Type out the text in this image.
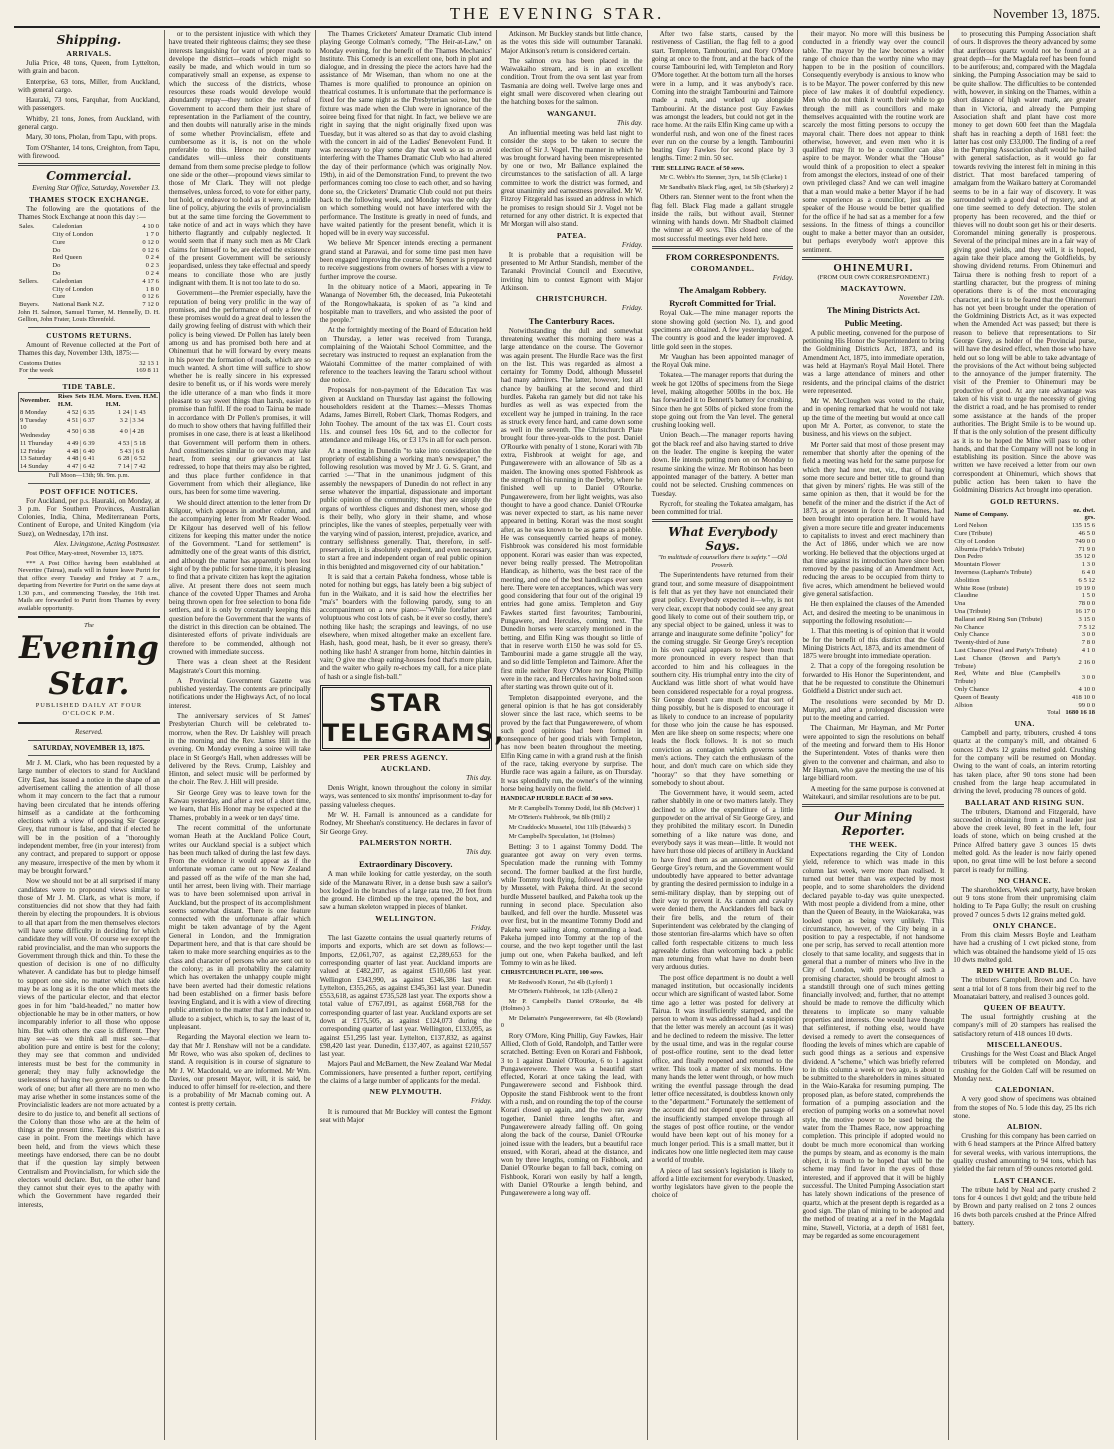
THE EVENING STAR.	November 13, 1875.
Shipping.
ARRIVALS.

Julia Price, 48 tons, Queen, from Lyttelton, with grain and bacon.

Enterprise, 63 tons, Miller, from Auckland, with general cargo.

Hauraki, 73 tons, Farquhar, from Auckland, with passengers.

Whitby, 21 tons, Jones, from Auckland, with general cargo.

Mary, 30 tons, Pholan, from Tapu, with props.

Tom O'Shanter, 14 tons, Creighton, from Tapu, with firewood.

Commercial.

Evening Star Office, Saturday, November 13.

THAMES STOCK EXCHANGE.

The following are the quotations of the Thames Stock Exchange at noon this day :—

Sales.	Caledonian	4 10 0
	City of London	1 7 0
	Cure	0 12 0
	Do	0 12 6
	Red Queen	0 2 4
	Do	0 2 3
	Do	0 2 4
Sellers.	Caledonian	4 17 6
	City of London	1 8 0
	Cure	0 12 6
Buyers.	National Bank N.Z.	7 12 0

John H. Salmon, Samuel Turner, M. Hennelly, D. H. Gellion, John Frater, Louis Ehrenfeld.

CUSTOMS RETURNS.

Amount of Revenue collected at the Port of Thames this day, November 13th, 1875:—

Customs Duties	32 13 1
For the week	169 8 11
TIDE TABLE.
November.	Rises Sets H.M. H.M.	Morn. Even. H.M. H.M.
8 Monday	4 52 | 6 35	1 24 | 1 43
9 Tuesday	4 51 | 6 37	3 2 | 3 34
10 Wednesday	4 50 | 6 38	4 0 | 4 28
11 Thursday	4 49 | 6 39	4 53 | 5 18
12 Friday	4 48 | 6 40	5 43 | 6 8
13 Saturday	4 48 | 6 41	6 28 | 6 52
14 Sunday	4 47 | 6 42	7 14 | 7 42

Full Moon—13th; 9h. 9m. p.m.

POST OFFICE NOTICES.

For Auckland, per p.s. Hauraki, on Monday, at 3 p.m. For Southern Provinces, Australian Colonies, India, China, Mediterranean Ports, Continent of Europe, and United Kingdom (via Suez), on Wednesday, 17th inst.

Alex. Livingstone, Acting Postmaster.

Post Office, Mary-street, November 13, 1875.

*** A Post Office having been established at Nevertire (Tairua), mails will in future leave Puriri for that office every Tuesday and Friday at 7 a.m., departing from Nevertire for Puriri on the same days at 1.30 p.m., and commencing Tuesday, the 16th inst. Mails are forwarded to Puriri from Thames by every available opportunity.

The
Evening Star.
PUBLISHED DAILY AT FOUR O'CLOCK P.M.

Reserved.

SATURDAY, NOVEMBER 13, 1875.

Mr J. M. Clark, who has been requested by a large number of electors to stand for Auckland City East, has issued a notice in the shape of an advertisement calling the attention of all those whom it may concern to the fact that a rumour having been circulated that he intends offering himself as a candidate at the forthcoming elections with a view of opposing Sir George Grey, that rumour is false, and that if elected he will be in the position of a "thoroughly independent member, free (in your interest) from any contract, and prepared to support or oppose any measure, irrespective of the men by whom it may be brought forward."

Now we should not be at all surprised if many candidates were to propound views similar to those of Mr J. M. Clark, as what is more, if constituencies did not show that they had faith therein by electing the propounders. It is obvious to all that apart from the men themselves electors will have some difficulty in deciding for which candidate they will vote. Of course we except the rabid provincialist, and the man who supports the Government through thick and thin. To these the question of decision is one of no difficulty whatever. A candidate has but to pledge himself to support one side, no matter which that side may be as long as it is the one which meets the views of the particular elector, and that elector goes in for him "bald-headed," no matter how objectionable he may be in other matters, or how incomparably inferior to all those who oppose him. But with others the case is different. They may see—as we think all must see—that abolition pure and entire is best for the colony; they may see that common and undivided interests must be best for the community in general; they may fully acknowledge the uselessness of having two governments to do the work of one; but after all there are no men who may arise whether in some instances some of the Provincialistic leaders are not more actuated by a desire to do justice to, and benefit all sections of the Colony than those who are at the helm of things at the present time. Take this district as a case in point. From the meetings which have been held, and from the views which these meetings have endorsed, there can be no doubt that if the question lay simply between Centralism and Provincialism, for which side the electors would declare. But, on the other hand they cannot shut their eyes to the apathy with which the Government have regarded their interests,

or to the persistent injustice with which they have treated their righteous claims; they see these interests languishing for want of proper roads to develope the district—roads which might so easily be made, and which would in turn so comparatively small an expense, as expense to which the success of the districts, whose resources these roads would develope would abundantly repay—they notice the refusal of Government to accord them their just share of representation in the Parliament of the country, and then doubts will naturally arise in the minds of some whether Provincialism, effete and cumbersome as it is, is not on the whole preferable to this. Hence no doubt many candidates will—unless their constituents demand from them some precise pledge to follow one side or the other—propound views similar to those of Mr Clark. They will not pledge themselves, unless forced, to vote for either party, but hold, or endeavor to hold as it were, a middle line of policy, abjuring the evils of provincialism but at the same time forcing the Government to take notice of and act in ways which they have hitherto flagrantly and culpably neglected. It would seem that if many such men as Mr Clark claims for himself to be, are elected the existence of the present Government will be seriously jeopardised, unless they take effectual and speedy means to conciliate those who are justly indignant with them. It is not too late to do so.

Government—the Premier especially, have the reputation of being very prolific in the way of promises, and the performance of only a few of these promises would do a great deal to lessen the daily growing feeling of distrust with which their policy is being viewed. Dr Pollen has lately been among us and has promised both here and at Ohinemuri that he will forward by every means in his power the formation of roads, which are so much wanted. A short time will suffice to show whether he is really sincere in his expressed desire to benefit us, or if his words were merely the idle utterance of a man who finds it more pleasant to say sweet things than harsh, easier to promise than fulfil. If the road to Tairua be made in accordance with Dr Pollen's promises, it will do much to show others that having fulfilled their promises in one case, there is at least a likelihood that Government will perform them in others. And constituencies similar to our own may take heart, from seeing our grievances at last redressed, to hope that theirs may also be righted, and thus place further confidence in that Government from which their allegiance, like ours, has been for some time wavering.

We should direct attention to the letter from Dr Kilgour, which appears in another column, and the accompanying letter from Mr Reader Wood. Dr Kilgour has deserved well of his fellow citizens for keeping this matter under the notice of the Government. "Land for settlement" is admittedly one of the great wants of this district, and although the matter has apparently been lost sight of by the public for some time, it is pleasing to find that a private citizen has kept the agitation alive. At present there does not seem much chance of the coveted Upper Thames and Aroha being thrown open for free selection to bona fide settlers, and it is only by constantly keeping this question before the Government that the wants of the district in this direction can be obtained. The disinterested efforts of private individuals are therefore to be commended, although not crowned with immediate success.

There was a clean sheet at the Resident Magistrate's Court this morning.

A Provincial Government Gazette was published yesterday. The contents are principally notifications under the Highways Act, of no local interest.

The anniversary services of St James' Presbyterian Church will be celebrated to-morrow, when the Rev. Dr Laishley will preach in the morning and the Rev. James Hill in the evening. On Monday evening a soiree will take place in St George's Hall, when addresses will be delivered by the Revs. Crump, Laishley and Hinton, and select music will be performed by the choir. The Rev. J. Hill will preside.

Sir George Grey was to leave town for the Kawau yesterday, and after a rest of a short time, we learn, that His Honor may be expected at the Thames, probably in a week or ten days' time.

The recent committal of the unfortunate woman Heath at the Auckland Police Court, writes our Auckland special is a subject which has been much talked of during the last few days. From the evidence it would appear as if the unfortunate woman came out to New Zealand and passed off as the wife of the man she had, until her arrest, been living with. Their marriage was to have been solemnised upon arrival in Auckland, but the prospect of its accomplishment seems somewhat distant. There is one feature connected with the unfortunate affair which might be taken advantage of by the Agent General in London, and the Immigration Department here, and that is that care should be taken to make more searching enquiries as to the class and character of persons who are sent out to the colony; as in all probability the calamity which has overtaken the unhappy couple might have been averted had their domestic relations had been established on a firmer basis before leaving England, and it is with a view of directing public attention to the matter that I am induced to allude to a subject, which is, to say the least of it, unpleasant.

Regarding the Mayoral election we learn to-day that Mr J. Renshaw will not be a candidate. Mr Rowe, who was also spoken of, declines to stand. A requisition is in course of signature to Mr J. W. Macdonald, we are informed. Mr Wm. Davies, our present Mayor, will, it is said, be induced to offer himself for re-election, and there is a probability of Mr Macnab coming out. A contest is pretty certain.

The Thames Cricketers' Amateur Dramatic Club intend playing George Colman's comedy, "The Heir-at-Law," on Monday evening, for the benefit of the Thames Mechanics' Institute. This Comedy is an excellent one, both in plot and dialogue, and in dressing the piece the actors have had the assistance of Mr Wiseman, than whom no one at the Thames is more qualified to pronounce an opinion on theatrical costumes. It is unfortunate that the performance is fixed for the same night as the Presbyterian soiree, but the fixture was made when the Club were in ignorance of the soiree being fixed for that night. In fact, we believe we are right in saying that the night originally fixed upon was Tuesday, but it was altered so as that day to avoid clashing with the concert in aid of the Ladies' Benevolent Fund. It was necessary to play some day that week so as to avoid interfering with the Thames Dramatic Club who had altered the day of their performance (which was originally Nov. 19th), in aid of the Demonstration Fund, to prevent the two performances coming too close to each other, and so having done so, the Cricketers' Dramatic Club could not put theirs back to the following week, and Monday was the only day on which something would not have interfered with the performance. The Institute is greatly in need of funds, and have waited patiently for the present benefit, which it is hoped will be in every way successful.

We believe Mr Spencer intends erecting a permanent grand stand at Parawai, and for some time past men have been engaged improving the course. Mr Spencer is prepared to receive suggestions from owners of horses with a view to further improve the course.

In the obituary notice of a Maori, appearing in Te Wananga of November 6th, the deceased, Inia Pukeotetahi of the Rongowhakaata, is spoken of as "a kind and hospitable man to travellers, and who assisted the poor of the people."

At the fortnightly meeting of the Board of Education held on Thursday, a letter was received from Turanga, complaining of the Waiotahi School Committee, and the secretary was instructed to request an explanation from the Waiotahi Committee of the matter complained of with reference to the teachers leaving the Tararu school without due notice.

Proposals for non-payment of the Education Tax was given at Auckland on Thursday last against the following householders resident at the Thames:—Messrs Thomas Adams, James Birrell, Robert Clark, Thomas Rodgers, and John Toohey. The amount of the tax was £1. Court costs 11s. and counsel fees 10s 6d, and to the collector for attendance and mileage 16s, or £3 17s in all for each person.

At a meeting in Dunedin "to take into consideration the propriety of establishing a working man's newspaper," the following resolution was moved by Mr J. G. S. Grant, and carried :—"That in the unanimous judgment of this assembly the newspapers of Dunedin do not reflect in any sense whatever the impartial, dispassionate and important public opinion of the community; that they are simply the organs of worthless cliques and dishonest men, whose god is their belly, who glory in their shame, and whose principles, like the vanes of steeples, perpetually veer with the varying wind of passion, interest, prejudice, avarice, and contrary selfishness generally. That, therefore, in self-preservation, it is absolutely expedient, and even necessary, to start a free and independent organ of real public opinion in this benighted and misgoverned city of our habitation."

It is said that a certain Pakeha fondness, whose table is noted for nothing but eggs, has lately been a big subject of fun in the Waikato, and it is said how the electrifies her "ma's" boarders with the following parody, sung to an accompaniment on a new piano:—"While forefather and voluptuous who cost lots of cash, be it ever so costly, there's nothing like hash; the scrapings and leavings, of no use elsewhere, when mixed altogether make an excellent fare. Hash, hash, good meat, hash, be it ever so greasy, there's nothing like hash! A stranger from home, hitchin dainties in vain; O give me cheap eating-houses food that's more plain, and the waiter who gaily re-echoes my call, for a nice plate of hash or a single fish-ball."

STAR TELEGRAMS,
PER PRESS AGENCY.
AUCKLAND.

This day.

Denis Wright, known throughout the colony in similar ways, was sentenced to six months' imprisonment to-day for passing valueless cheques.

Mr W. H. Farnall is announced as a candidate for Rodney, Mr Sheehan's constituency. He declares in favor of Sir George Grey.

PALMERSTON NORTH.

This day.

Extraordinary Discovery.

A man while looking for cattle yesterday, on the south side of the Manawatu River, in a dense bush saw a sailor's box lodged in the branches of a large rata tree, 20 feet from the ground. He climbed up the tree, opened the box, and saw a human skeleton wrapped in pieces of blanket.

WELLINGTON.

Friday.

The last Gazette contains the usual quarterly returns of imports and exports, which are set down as follows:—Imports, £2,061,707, as against £2,289,653 for the corresponding quarter of last year. Auckland imports are valued at £482,207, as against £510,606 last year. Wellington £343,990, as against £346,386 last year. Lyttelton, £355,265, as against £345,361 last year. Dunedin £553,618, as against £735,528 last year. The exports show a total value of £767,091, as against £668,768 for the corresponding quarter of last year. Auckland exports are set down at £175,505, as against £124,073 during the corresponding quarter of last year. Wellington, £133,095, as against £51,295 last year. Lyttelton, £137,832, as against £98,420 last year. Dunedin, £137,407, as against £210,557 last year.

Majors Paul and McBarnett, the New Zealand War Medal Commissioners, have presented a further report, certifying the claims of a large number of applicants for the medal.

NEW PLYMOUTH.

Friday.

It is rumoured that Mr Buckley will contest the Egmont seat with Major

Atkinson. Mr Buckley stands but little chance, as the votes this side will outnumber Taranaki. Major Atkinson's return is considered certain.

The salmon ova has been placed in the Waiwakaiho stream, and is in an excellent condition. Trout from the ova sent last year from Tasmania are doing well. Twelve large ones and eight small were discovered when clearing out the hatching boxes for the salmon.

WANGANUI.

This day.

An influential meeting was held last night to consider the steps to be taken to secure the election of Sir J. Vogel. The manner in which he was brought forward having been misrepresented by one or two, Mr Ballance explained the circumstances to the satisfaction of all. A large committee to work the district was formed, and great unanimity and earnestness prevailed. Mr W. Fitzroy Fitzgerald has issued an address in which he promises to resign should Sir J. Vogel not be returned for any other district. It is expected that Mr Morgan will also stand.

PATEA.

Friday.

It is probable that a requisition will be presented to Mr Arthur Standish, member of the Taranaki Provincial Council and Executive, inviting him to contest Egmont with Major Atkinson.

CHRISTCHURCH.

Friday.

The Canterbury Races.

Notwithstanding the dull and somewhat threatening weather this morning there was a large attendance on the course. The Governor was again present. The Hurdle Race was the first on the list. This was regarded as almost a certainty for Tommy Dodd, although Mussetel had many admirers. The latter, however, lost all chance by baulking at the second and third hurdles. Pakeha ran gamely but did not take his hurdles as well as was expected from the excellent way he jumped in training. In the race as struck every fence hard, and came down some as well in the seventh. The Christchurch Plate brought four three-year-olds to the post. Daniel O'Rourke with penalty of 1 stone, Korari with 7lb extra, Fishbrook at weight for age, and Pungawerewere with an allowance of 5lb as a maiden. The knowing ones spotted Fishbrook as the strength of his running in the Derby, where he finished well up to Daniel O'Rourke. Pungawerewere, from her light weights, was also thought to have a good chance. Daniel O'Rourke was never expected to start, as his name never appeared in betting. Korari was the most sought after, as he was known to be as game as a pebble. He was consequently carried heaps of money. Fishbrook was considered his most formidable opponent. Korari was easier than was expected, never being really pressed. The Metropolitan Handicap, as hitherto, was the best race of the meeting, and one of the best handicaps ever seen here. There were ten acceptances, which was very good considering that four out of the original 19 entries had gone amiss. Templeton and Guy Fawkes started first favourites; Tambourini, Pungawere, and Hercules, coming next. The Dunedin horses were scarcely mentioned in the betting, and Elfin King was thought so little of that in reserve worth £150 he was sold for £5. Tambourini made a game struggle all the way, and so did little Templeton and Taimore. After the first mile neither Rory O'More nor King Phillip were in the race, and Hercules having bolted soon after starting was thrown quite out of it.

Templeton disappointed everyone, and the general opinion is that he has got considerably slower since the last race, which seems to be proved by the fact that Pungawerewere, of whom such good opinions had been formed in consequence of her good trials with Templeton, has now been beaten throughout the meeting. Elfin King came in with a grand rush at the finish of the race, taking everyone by surprise. The Hurdle race was again a failure, as on Thursday. It was splendidly run, the owner's of the winning horse being heavily on the field.

HANDICAP HURDLE RACE of 30 sovs.

Mr P. Campbell's Tommy Dodd, list 8lb (McIver) 1

Mr O'Brien's Fishbrook, 9st 8lb (Hill) 2

Mr Craddock's Mussetel, 10st 11lb (Edwards) 3

Mr Campbell's Speculation, 1st (Holmes)

Betting: 3 to 1 against Tommy Dodd. The guarantee got away on very even terms. Speculation made the running with Tommy second. The former baulked at the first hurdle, while Tommy took flying, followed in good style by Mussetel, with Pakeha third. At the second hurdle Mussetel baulked, and Pakeha took up the running in second place. Speculation also baulked, and fell over the hurdle. Mussetel was over first, but in the meantime Tommy Dodd and Pakeha were sailing along, commanding a lead. Pakeha jumped into Tommy at the top of the course, and the two kept together until the last jump out one, when Pakeha baulked, and left Tommy to win as he liked.

CHRISTCHURCH PLATE, 100 sovs.

Mr Redwood's Korari, 7st 4lb (Lyford) 1

Mr O'Brien's Fishbrook, 1st 12lb (Allen) 2

Mr P. Campbell's Daniel O'Rourke, 8st 4lb (Holmes) 3

Mr Delamain's Pungawerewere, 6st 4lb (Rowland) 0

Rory O'More, King Phillip, Guy Fawkes, Hair Allied, Cloth of Gold, Randolph, and Tattler were scratched. Betting: Even on Korari and Fishbook, 3 to 1 against Daniel O'Rourke, 6 to 1 against Pungawerewere. There was a beautiful start effected, Korari at once taking the lead, with Pungawerewere second and Fishbook third. Opposite the stand Fishbrook went to the front with a rush, and on rounding the top of the course Korari closed up again, and the two ran away together, Daniel three lengths after, and Pungawerewere already falling off. On going along the back of the course, Daniel O'Rourke joined issue with the leaders, but a beautiful race ensued, with Korari, ahead at the distance, and won by three lengths, coming on Fishbook, and Daniel O'Rourke began to fall back, coming on Fishbook, Korari won easily by half a length, with Daniel O'Rourke a length behind, and Pungawerewere a long way off.

After two false starts, caused by the restiveness of Castilian, the flag fell to a good start. Templeton, Tambourini, and Rory O'More going at once to the front, and at the back of the course Tambourini led, with Templeton and Rory O'More together. At the bottom turn all the horses were in a lump, and it was anybody's race. Coming into the straight Tambourini and Taimore made a rush, and worked up alongside Tambourini. At the distance post Guy Fawkes was amongst the leaders, but could not get in the race home. At the rails Elfin King came up with a wonderful rush, and won one of the finest races ever run on the course by a length. Tambourini beating Guy Fawkes for second place by 3 lengths. Time: 2 min. 50 sec.

THE SELLING RACE of 50 sovs.

Mr C. Webb's Ho Stenner, 3yrs, 1st 5lb (Clarke) 1

Mr Sandbath's Black Flag, aged, 1st 5lb (Sharkey) 2

Others ran. Stenner went to the front when the flag fell. Black Flag made a gallant struggle inside the rails, but without avail, Stenner winning with hands down. Mr Shadbolt claimed the winner at 40 sovs. This closed one of the most successful meetings ever held here.

FROM CORRESPONDENTS.
COROMANDEL.

Friday.

The Amalgam Robbery.
Rycroft Committed for Trial.

Royal Oak.—The mine manager reports the stone showing gold (section No. 1), and good specimens are obtained. A few yesterday bagged. The country is good and the leader improved. A little gold seen in the stopes.

Mr Vaughan has been appointed manager of the Royal Oak mine.

Tokatea.—The manager reports that during the week he got 120lbs of specimens from the Siege level, making altogether 500lbs in the box. He has forwarded it to Bennett's battery for crushing. Since then he got 50lbs of picked stone from the stope going out from the Van level. The general crushing looking well.

Union Beach.—The manager reports having got the black reef and also having started to drive on the leader. The engine is keeping the water down. He intends putting men on on Monday to resume sinking the winze. Mr Robinson has been appointed manager of the battery. A better man could not be selected. Crushing commences on Tuesday.

Rycroft, for stealing the Tokatea amalgam, has been committed for trial.

What Everybody Says.

"In multitude of counsellors there is safety." —Old Proverb.

The Superintendents have returned from their grand tour, and some measure of disappointment is felt that as yet they have not enunciated their great policy. Everybody expected it—why, is not very clear, except that nobody could see any great good likely to come out of their southern trip, or any special object to be gained, unless it was to arrange and inaugurate some definite "policy" for the coming struggle. Sir George Grey's reception in his own capital appears to have been much more pronounced in every respect than that accorded to him and his colleagues in the southern city. His triumphal entry into the city of Auckland was little short of what would have been considered respectable for a royal progress. Sir George doesn't care much for that sort of thing possibly, but he is disposed to encourage it as likely to conduce to an increase of popularity for those who join the cause he has espoused. Men are like sheep on some respects; where one leads the flock follows. It is not so much conviction as contagion which governs some men's actions. They catch the enthusiasm of the hour, and don't much care on which side they "hooray" so that they have something or somebody to shout about.

The Government have, it would seem, acted rather shabbily in one or two matters lately. They declined to allow the expenditure of a little gunpowder on the arrival of Sir George Grey, and they prohibited the military escort. In Dunedin something of a like nature was done, and everybody says it was mean—little. It would not have hurt those old pieces of artillery in Auckland to have fired them as an announcement of Sir George Grey's return, and the Government would undoubtedly have appeared to better advantage by granting the desired permission to indulge in a semi-military display, than by stepping out of their way to prevent it. As cannon and cavalry were denied them, the Aucklanders fell back on their fire bells, and the return of their Superintendent was celebrated by the clanging of those stentorian fire-alarms which have so often called forth respectable citizens to much less agreeable duties than welcoming back a public man returning from what have no doubt been very arduous duties.

The post office department is no doubt a well managed institution, but occasionally incidents occur which are significant of wasted labor. Some time ago a letter was posted for delivery at Tairua. It was insufficiently stamped, and the person to whom it was addressed had a suspicion that the letter was merely an account (as it was) and he declined to redeem the missive. The letter by the usual time, and was in the regular course of post-office routine, sent to the dead letter office, and finally reopened and returned to the writer. This took a matter of six months. How many hands the letter went through, or how much writing the eventful passage through the dead letter office necessitated, is doubtless known only to the "department." Fortunately the settlement of the account did not depend upon the passage of the insufficiently stamped envelope through all the stages of post office routine, or the vendor would have been kept out of his money for a much longer period. This is a small matter, but it indicates how one little neglected item may cause a world of trouble.

A piece of last session's legislation is likely to afford a little excitement for everybody. Unasked, worthy legislators have given to the people the choice of

their mayor. No more will this business be conducted in a friendly way over the council table. The mayor by the law becomes a wider range of choice than the worthy nine who may happen to be in the position of councillors. Consequently everybody is anxious to know who is to be Mayor. The power conferred by this new piece of law makes it of doubtful expediency. Men who do not think it worth their while to go through the mill as councillors and make themselves acquainted with the routine work are scarcely the most fitting persons to occupy the mayoral chair. There does not appear to think otherwise, however, and even men who it is qualified may fit to be a councillor can also aspire to be mayor. Wonder what the "House" would think of a proposition to elect a speaker from amongst the electors, instead of one of their own privileged class? And we can well imagine that a man would make a better Mayor if he had some experience as a councillor, just as the speaker of the House would be better qualified for the office if he had sat as a member for a few sessions. In the fitness of things a councillor ought to make a better mayor than an outsider, but perhaps everybody won't approve this sentiment.

OHINEMURI.
(FROM OUR OWN CORRESPONDENT.)
MACKAYTOWN.

November 12th.

The Mining Districts Act.
Public Meeting.

A public meeting, convened for the purpose of petitioning His Honor the Superintendent to bring the Goldmining Districts Act, 1873, and its Amendment Act, 1875, into immediate operation, was held at Hayman's Royal Mail Hotel. There was a large attendance of miners and other residents, and the principal claims of the district were represented.

Mr W. McCloughen was voted to the chair, and in opening remarked that he would not take up the time of the meeting but would at once call upon Mr A. Porter, as convenor, to state the business, and his views on the subject.

Mr Porter said that most of those present may remember that shortly after the opening of the field a meeting was held for the same purpose for which they had now met, viz., that of having some more secure and better title to ground than that given by miners' rights. He was still of the same opinion as then, that it would be for the benefit of the miner and the district if the Act of 1873, as at present in force at the Thames, had been brought into operation here. It would have given a more secure title and greater inducements to capitalists to invest and erect machinery than the Act of 1866, under which we are now working. He believed that the objections urged at that time against its introduction have since been removed by the passing of an Amendment Act, reducing the areas to be occupied from thirty to five acres, which amendment he believed would give general satisfaction.

He then explained the clauses of the Amended Act, and desired the meeting to be unanimous in supporting the following resolution:—

1. That this meeting is of opinion that it would be for the benefit of this district that the Gold Mining Districts Act, 1873, and its amendment of 1875 were brought into immediate operation.

2. That a copy of the foregoing resolution be forwarded to His Honor the Superintendent, and that he be requested to constitute the Ohinemuri Goldfield a District under such act.

The resolutions were seconded by Mr D. Murphy, and after a prolonged discussion were put to the meeting and carried.

The Chairman, Mr Hayman, and Mr Porter were appointed to sign the resolutions on behalf of the meeting and forward them to His Honor the Superintendent. Votes of thanks were then given to the convener and chairman, and also to Mr Hayman, who gave the meeting the use of his large billiard room.

A meeting for the same purpose is convened at Waitekauri, and similar resolutions are to be put.

Our Mining Reporter.
THE WEEK.

Expectations regarding the City of London yield, reference to which was made in this column last week, were more than realised. It turned out better than was expected by most people, and to some shareholders the dividend declared payable to-day was quite unexpected. With most people a dividend from a mine, other than the Queen of Beauty, in the Waiokaraka, was looked upon as being very unlikely. This circumstance, however, of the City being in a position to pay a respectable, if not handsome one per scrip, has served to recall attention more closely to that same locality, and suggests that in general that a number of miners who live in the City of London, with prospects of such a promising character, should be brought almost to a standstill through one of such mines getting financially involved; and, further, that no attempt should be made to remove the difficulty which threatens to implicate so many valuable properties and interests. One would have thought that selfinterest, if nothing else, would have devised a remedy to avert the consequences of flooding the levels of mines which are capable of such good things as a serious and expensive dividend. A "scheme," which was briefly referred to in this column a week or two ago, is about to be submitted to the shareholders in mines situated in the Waio-Karaka for resuming pumping. The proposed plan, as before stated, comprehends the formation of a pumping association and the erection of pumping works on a somewhat novel style, the motive power to be used being the water from the Thames Race, now approaching completion. This principle if adopted would no doubt be much more economical than working the pumps by steam, and as economy is the main object, it is much to be hoped that will be the scheme may find favor in the eyes of those interested, and if approved that it will be highly successful. The United Pumping Association start has lately shown indications of the presence of quartz, which at the present depth is regarded as a good sign. The plan of mining to be adopted and the method of treating at a reef in the Magdala mine, Stawell, Victoria, at a depth of 1681 feet, may be regarded as some encouragement

to prosecuting this Pumping Association shaft of ours. It disproves the theory advanced by some that auriferous quartz would not be found at a great depth—for the Magdala reef has been found to be auriferous; and, compared with the Magdala sinking, the Pumping Association may be said to be quite shallow. The difficulties to be contended with, however, in sinking on the Thames, within a short distance of high water mark, are greater than in Victoria, and already the Pumping Association shaft and plant have cost more money to get down 600 feet than the Magdala shaft has in reaching a depth of 1681 feet: the latter has cost only £33,000. The finding of a reef in the Pumping Association shaft would be hailed with general satisfaction, as it would go far towards reviving the interest felt in mining in this district. That most barefaced tampering of amalgam from the Waikaro battery at Coromandel seems to be in a fair way of discovery. It was surrounded with a good deal of mystery, and at one time seemed to defy detection. The stolen property has been recovered, and the thief or thieves will no doubt soon get his or their deserts. Coromandel mining generally is prosperous. Several of the principal mines are in a fair way of giving good yields, and they will, it is hoped, again take their place among the Goldfields, by showing dividend returns. From Ohinemuri and Tairua there is nothing fresh to report of a startling character, but the progress of mining operations there is of the most encouraging character, and it is to be feared that the Ohinemuri has not yet been brought under the operation of the Goldmining Districts Act, as it was expected when the Amended Act was passed; but there is reason to believe that representations to Sir George Grey, as holder of the Provincial purse, will have the desired effect, when those who have held out so long will be able to take advantage of the provisions of the Act without being subjected to the annoyance of the jumper fraternity. The visit of the Premier to Ohinemuri may be productive of good. At any rate advantage was taken of his visit to urge the necessity of giving the district a road, and he has promised to render some assistance at the hands of the proper authorities. The Bright Smile is to be wound up. If that is the only solution of the present difficulty as it is to be hoped the Mine will pass to other hands, and that the Company will not be long in establishing its position. Since the above was written we have received a letter from our own correspondent at Ohinemuri, which shows that public action has been taken to have the Goldmining Districts Act brought into operation.

GOLD RETURNS.
Name of Company.	oz. dwt. grs.
Lord Nelson	135 15 6
Cure (Tribute)	46 5 0
City of London	749 0 0
Alburnia (Fields's Tribute)	71 9 0
Don Pedro	35 12 0
Mountain Flower	1 3 0
Inverness (Lapham's Tribute)	6 4 0
Abolition	6 5 12
White Rose (tribute)	19 19 0
Claudine	1 5 0
Una	78 0 0
Una (Tribute)	16 17 0
Ballarat and Rising Sun (Tribute)	3 15 0
No Chance	7 5 12
Only Chance	3 0 0
Twenty-third of June	7 8 0
Last Chance (Neal and Party's Tribute)	4 1 0
Last Chance (Brown and Party's Tribute)	2 16 0
Red, White and Blue (Campbell's Tribute)	3 0 0
Only Chance	4 10 0
Queen of Beauty	418 10 0
Albion	99 0 0
Total	1680 16 18
UNA.

Campbell and party, tributers, crushed 4 tons quartz at the company's mill, and obtained 6 ounces 12 dwts 12 grains melted gold. Crushing for the company will be resumed on Monday. Owing to the want of coals, an interim retorting has taken place, after 90 tons stone had been crushed from the large heap accumulated in driving the level, producing 78 ounces of gold.

BALLARAT AND RISING SUN.

The tributers, Diamond and Fitzgerald, have succeeded in obtaining from a small leader just above the creek level, 80 feet in the left, four loads of stone, which on being crushed at the Prince Alfred battery gave 3 ounces 15 dwts melted gold. As the leader is now fairly opened upon, no great time will be lost before a second parcel is ready for milling.

NO CHANCE.

The shareholders, Week and party, have broken out 9 tons stone from their unpromising claim holding to Te Papa Gully; the result on crushing proved 7 ounces 5 dwts 12 grains melted gold.

ONLY CHANCE.

From this claim Messrs Boyle and Leatham have had a crushing of 1 cwt picked stone, from which was obtained the handsome yield of 15 ozs 10 dwts melted gold.

RED WHITE AND BLUE.

The tributers Campbell, Brown and Co. have sent a trial lot of 8 tons from their big reef to the Moanataiari battery, and realised 3 ounces gold.

QUEEN OF BEAUTY.

The usual fortnightly crushing at the company's mill of 20 stampers has realised the satisfactory return of 418 ounces 10 dwts.

MISCELLANEOUS.

Crushings for the West Coast and Black Angel tributers will be completed on Monday, and crushing for the Golden Calf will be resumed on Monday next.

CALEDONIAN.

A very good show of specimens was obtained from the stopes of No. 5 lode this day, 25 lbs rich stone.

ALBION.

Crushing for this company has been carried on with 6 head stampers at the Prince Alfred battery for several weeks, with various interruptions, the quality crushed amounting to 94 tons, which has yielded the fair return of 99 ounces retorted gold.

LAST CHANCE.

The tribute held by Neal and party crushed 2 tons for 4 ounces 1 dwt gold; and the tribute held by Brown and party realised on 2 tons 2 ounces 16 dwts both parcels crushed at the Prince Alfred battery.
